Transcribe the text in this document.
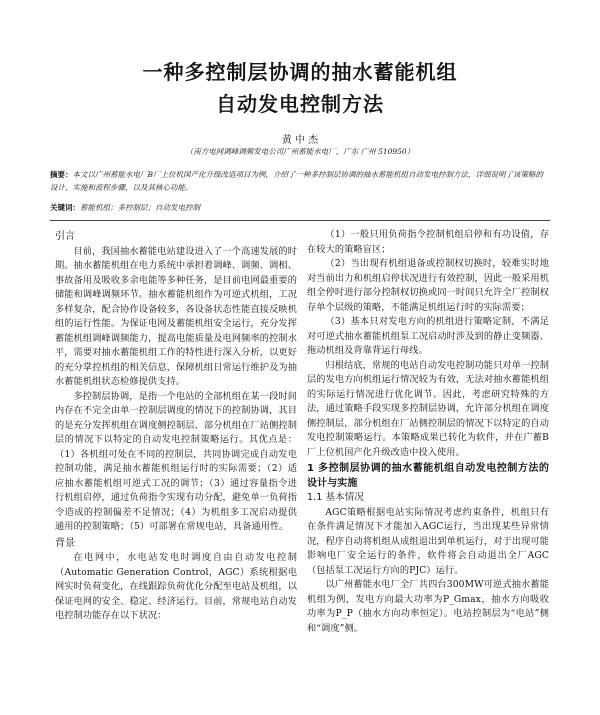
一种多控制层协调的抽水蓄能机组
自动发电控制方法
黄 中 杰
（南方电网调峰调频发电公司广州蓄能水电厂，广东 广州 510950）
摘要：本文以广州蓄能水电厂B厂上位机国产化升级改造项目为例，介绍了一种多控制层协调的抽水蓄能机组自动发电控制方法，详细说明了该策略的设计、实施和流程步骤，以及其核心功能。
关键词：蓄能机组；多控制层；自动发电控制
引言

目前，我国抽水蓄能电站建设进入了一个高速发展的时期。抽水蓄能机组在电力系统中承担着调峰、调频、调相、事故备用及吸收多余电能等多种任务，是目前电网最重要的储能和调峰调频环节。抽水蓄能机组作为可逆式机组，工况多样复杂，配合协作设备较多，各设备状态性能直接反映机组的运行性能。为保证电网及蓄能机组安全运行，充分发挥蓄能机组调峰调频能力，提高电能质量及电网频率的控制水平，需要对抽水蓄能机组工作的特性进行深入分析，以更好的充分掌控机组的相关信息，保障机组日常运行维护及为抽水蓄能机组状态检修提供支持。

多控制层协调，是指一个电站的全部机组在某一段时间内存在不完全由单一控制层调度的情况下的控制协调，其目的是充分发挥机组在调度侧控制层、部分机组在厂站侧控制层的情况下以特定的自动发电控制策略运行。其优点是：（1）各机组可处在不同的控制层，共同协调完成自动发电控制功能，满足抽水蓄能机组运行时的实际需要；（2）适应抽水蓄能机组可逆式工况的调节；（3）通过容量指令进行机组启停，通过负荷指令实现有功分配，避免单一负荷指令造成的控制偏差不足情况；（4）为机组多工况启动提供通用的控制策略；（5）可部署在常规电站，具备通用性。

背景

在电网中，水电站发电时调度自由自动发电控制（Automatic Generation Control，AGC）系统根据电网实时负荷变化，在线跟踪负荷优化分配至电站及机组，以保证电网的安全、稳定、经济运行。目前，常规电站自动发电控制功能存在以下状况：

（1）一般只用负荷指令控制机组启停和有功设值，存在较大的策略盲区；

（2）当出现有机组退备或控制权切换时，较难实时地对当前出力和机组启停状况进行有效控制，因此一般采用机组全停时进行部分控制权切换或同一时间只允许全厂控制权存单个层级的策略，不能满足机组运行时的实际需要；

（3）基本只对发电方向的机组进行策略定制，不满足对可逆式抽水蓄能机组泵工况启动时涉及到的静止变频器、拖动机组及背靠背运行母线。

归根结底，常规的电站自动发电控制功能只对单一控制层的发电方向机组运行情况较为有效，无法对抽水蓄能机组的实际运行情况进行优化调节。因此，考虑研究特殊的方法，通过策略手段实现多控制层协调，允许部分机组在调度侧控制层，部分机组在厂站侧控制层的情况下以特定的自动发电控制策略运行。本策略成果已转化为软件，并在广蓄B厂上位机国产化升级改造中投入使用。

1 多控制层协调的抽水蓄能机组自动发电控制方法的设计与实施
1.1 基本情况

AGC策略根据电站实际情况考虑约束条件，机组只有在条件满足情况下才能加入AGC运行，当出现某些异常情况，程序自动将机组从成组退出到单机运行，对于出现可能影响电厂安全运行的条件，软件将会自动退出全厂AGC（包括泵工况运行方向的PJC）运行。

以广州蓄能水电厂全厂共四台300MW可逆式抽水蓄能机组为例，发电方向最大功率为P_Gmax，抽水方向吸收功率为P_P（抽水方向功率恒定）。电站控制层为“电站”侧和“调度”侧。
